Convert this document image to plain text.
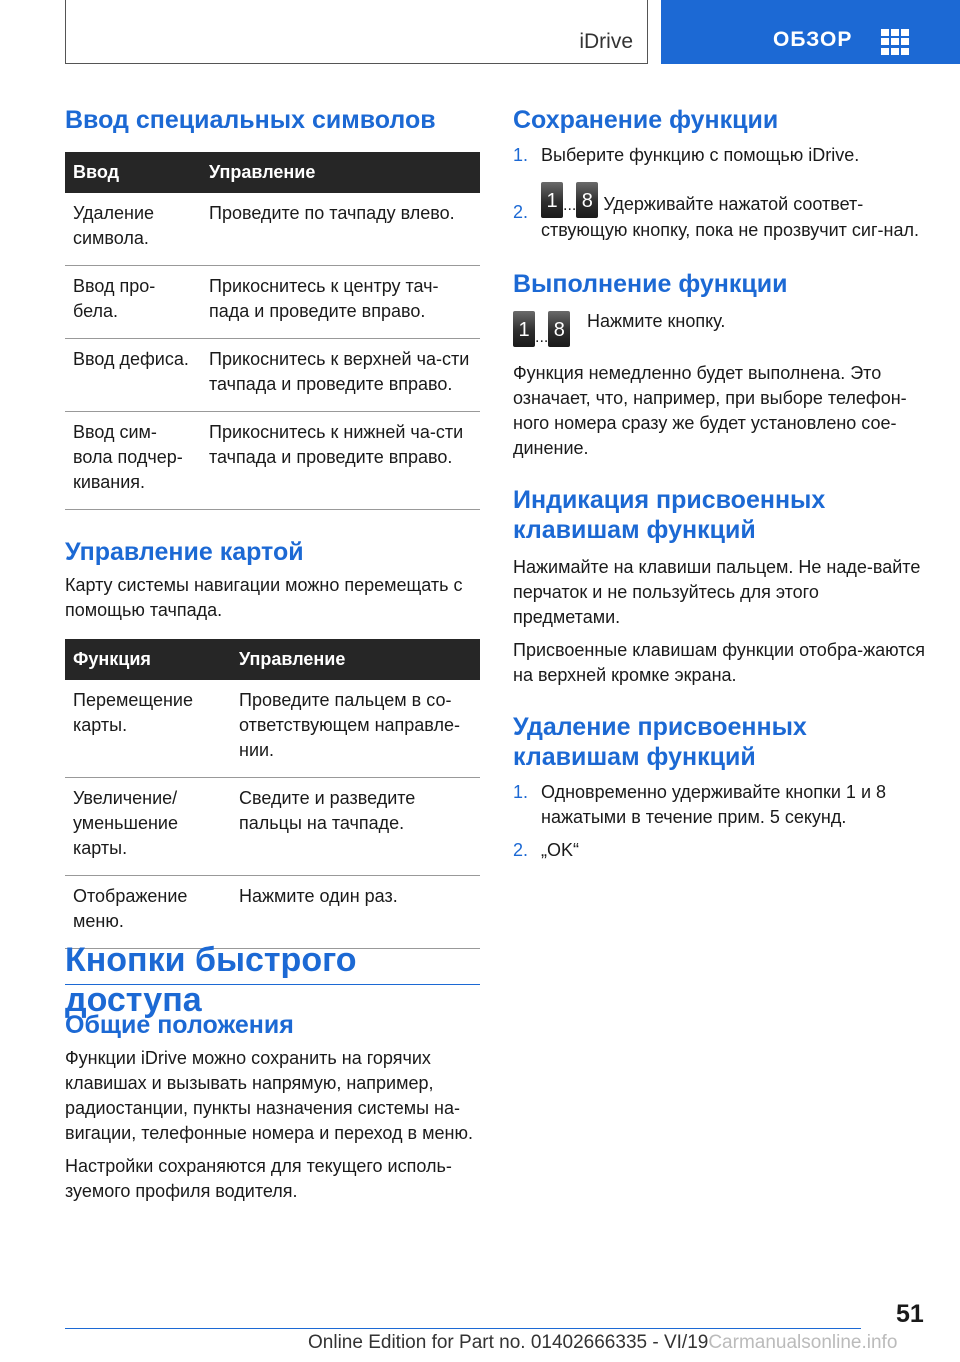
iDrive	ОБЗОР
Ввод специальных символов
Ввод	Управление
Удаление символа.	Проведите по тачпаду влево.
Ввод про-бела.	Прикоснитесь к центру тач-пада и проведите вправо.
Ввод дефиса.	Прикоснитесь к верхней ча-сти тачпада и проведите вправо.
Ввод сим-вола подчер-кивания.	Прикоснитесь к нижней ча-сти тачпада и проведите вправо.
Управление картой

Карту системы навигации можно перемещать с помощью тачпада.

Функция	Управление
Перемещение карты.	Проведите пальцем в со-ответствующем направле-нии.
Увеличение/ уменьшение карты.	Сведите и разведите пальцы на тачпаде.
Отображение меню.	Нажмите один раз.
Кнопки быстрого доступа
Общие положения

Функции iDrive можно сохранить на горячих клавишах и вызывать напрямую, например, радиостанции, пункты назначения системы на-вигации, телефонные номера и переход в меню.

Настройки сохраняются для текущего исполь-зуемого профиля водителя.

Сохранение функции
1. Выберите функцию с помощью iDrive.
2. 1 ... 8 Удерживайте нажатой соответ-ствующую кнопку, пока не прозвучит сиг-нал.
Выполнение функции
1 ... 8 Нажмите кнопку.

Функция немедленно будет выполнена. Это означает, что, например, при выборе телефон-ного номера сразу же будет установлено сое-динение.

Индикация присвоенных клавишам функций

Нажимайте на клавиши пальцем. Не наде-вайте перчаток и не пользуйтесь для этого предметами.

Присвоенные клавишам функции отобра-жаются на верхней кромке экрана.

Удаление присвоенных клавишам функций
1. Одновременно удерживайте кнопки 1 и 8 нажатыми в течение прим. 5 секунд.
2. „OK“
51
Online Edition for Part no. 01402666335 - VI/19Carmanualsonline.info
